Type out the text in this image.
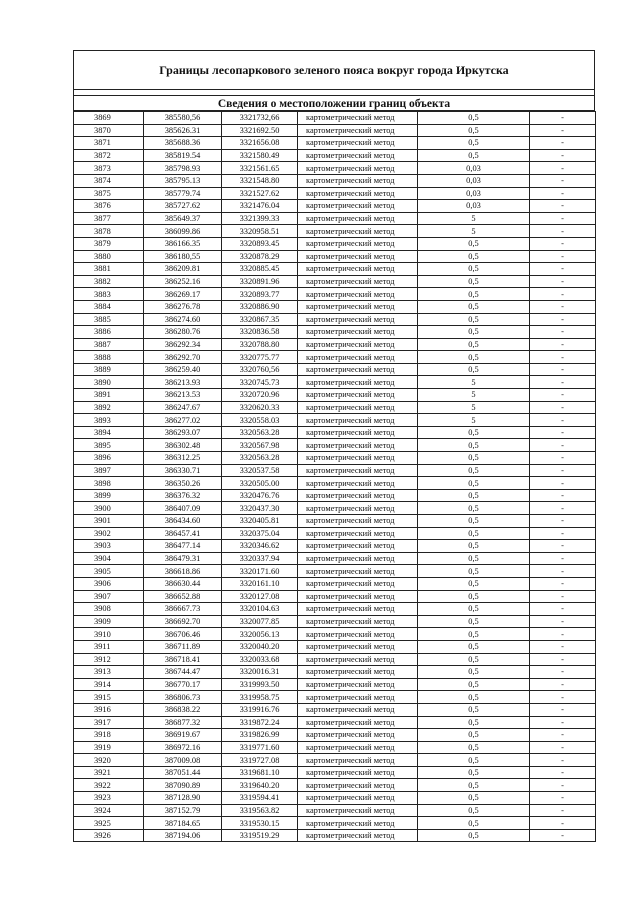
Границы лесопаркового зеленого пояса вокруг города Иркутска
Сведения о местоположении границ объекта
3869	385580,56	3321732,66	картометрический метод	0,5	-
3870	385626.31	3321692.50	картометрический метод	0,5	-
3871	385688.36	3321656.08	картометрический метод	0,5	-
3872	385819.54	3321580.49	картометрический метод	0,5	-
3873	385798.93	3321561.65	картометрический метод	0,03	-
3874	385795.13	3321548.80	картометрический метод	0,03	-
3875	385779.74	3321527.62	картометрический метод	0,03	-
3876	385727.62	3321476.04	картометрический метод	0,03	-
3877	385649.37	3321399.33	картометрический метод	5	-
3878	386099.86	3320958.51	картометрический метод	5	-
3879	386166.35	3320893.45	картометрический метод	0,5	-
3880	386180,55	3320878.29	картометрический метод	0,5	-
3881	386209.81	3320885.45	картометрический метод	0,5	-
3882	386252.16	3320891.96	картометрический метод	0,5	-
3883	386269.17	3320893.77	картометрический метод	0,5	-
3884	386276.78	3320886.90	картометрический метод	0,5	-
3885	386274.60	3320867.35	картометрический метод	0,5	-
3886	386280.76	3320836.58	картометрический метод	0,5	-
3887	386292.34	3320788.80	картометрический метод	0,5	-
3888	386292.70	3320775.77	картометрический метод	0,5	-
3889	386259.40	3320760,56	картометрический метод	0,5	-
3890	386213.93	3320745.73	картометрический метод	5	-
3891	386213.53	3320720.96	картометрический метод	5	-
3892	386247.67	3320620.33	картометрический метод	5	-
3893	386277.02	3320558.03	картометрический метод	5	-
3894	386293.07	3320563.28	картометрический метод	0,5	-
3895	386302.48	3320567.98	картометрический метод	0,5	-
3896	386312.25	3320563.28	картометрический метод	0,5	-
3897	386330.71	3320537.58	картометрический метод	0,5	-
3898	386350.26	3320505.00	картометрический метод	0,5	-
3899	386376.32	3320476.76	картометрический метод	0,5	-
3900	386407.09	3320437.30	картометрический метод	0,5	-
3901	386434.60	3320405.81	картометрический метод	0,5	-
3902	386457.41	3320375.04	картометрический метод	0,5	-
3903	386477.14	3320346.62	картометрический метод	0,5	-
3904	386479.31	3320337.94	картометрический метод	0,5	-
3905	386618.86	3320171.60	картометрический метод	0,5	-
3906	386630.44	3320161.10	картометрический метод	0,5	-
3907	386652.88	3320127.08	картометрический метод	0,5	-
3908	386667.73	3320104.63	картометрический метод	0,5	-
3909	386692.70	3320077.85	картометрический метод	0,5	-
3910	386706.46	3320056.13	картометрический метод	0,5	-
3911	386711.89	3320040.20	картометрический метод	0,5	-
3912	386718.41	3320033.68	картометрический метод	0,5	-
3913	386744.47	3320016.31	картометрический метод	0,5	-
3914	386770.17	3319993.50	картометрический метод	0,5	-
3915	386806.73	3319958.75	картометрический метод	0,5	-
3916	386838.22	3319916.76	картометрический метод	0,5	-
3917	386877.32	3319872.24	картометрический метод	0,5	-
3918	386919.67	3319826.99	картометрический метод	0,5	-
3919	386972.16	3319771.60	картометрический метод	0,5	-
3920	387009.08	3319727.08	картометрический метод	0,5	-
3921	387051.44	3319681.10	картометрический метод	0,5	-
3922	387090.89	3319640.20	картометрический метод	0,5	-
3923	387128.90	3319594.41	картометрический метод	0,5	-
3924	387152.79	3319563.82	картометрический метод	0,5	-
3925	387184.65	3319530.15	картометрический метод	0,5	-
3926	387194.06	3319519.29	картометрический метод	0,5	-
